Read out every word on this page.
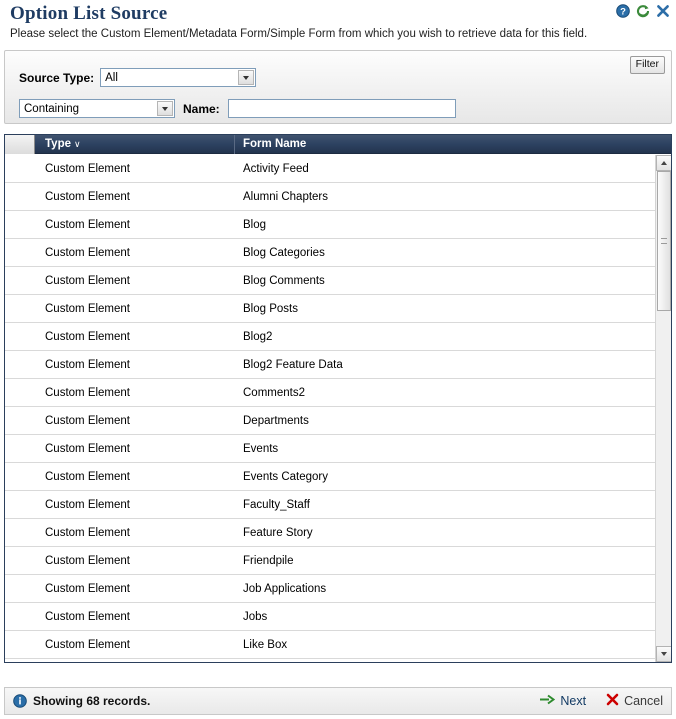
Option List Source
Please select the Custom Element/Metadata Form/Simple Form from which you wish to retrieve data for this field.
?
Filter
Source Type: All
Containing	Name:
Type ∨	Form Name
Custom Element	Activity Feed
Custom Element	Alumni Chapters
Custom Element	Blog
Custom Element	Blog Categories
Custom Element	Blog Comments
Custom Element	Blog Posts
Custom Element	Blog2
Custom Element	Blog2 Feature Data
Custom Element	Comments2
Custom Element	Departments
Custom Element	Events
Custom Element	Events Category
Custom Element	Faculty_Staff
Custom Element	Feature Story
Custom Element	Friendpile
Custom Element	Job Applications
Custom Element	Jobs
Custom Element	Like Box
Showing 68 records.	Next	Cancel
